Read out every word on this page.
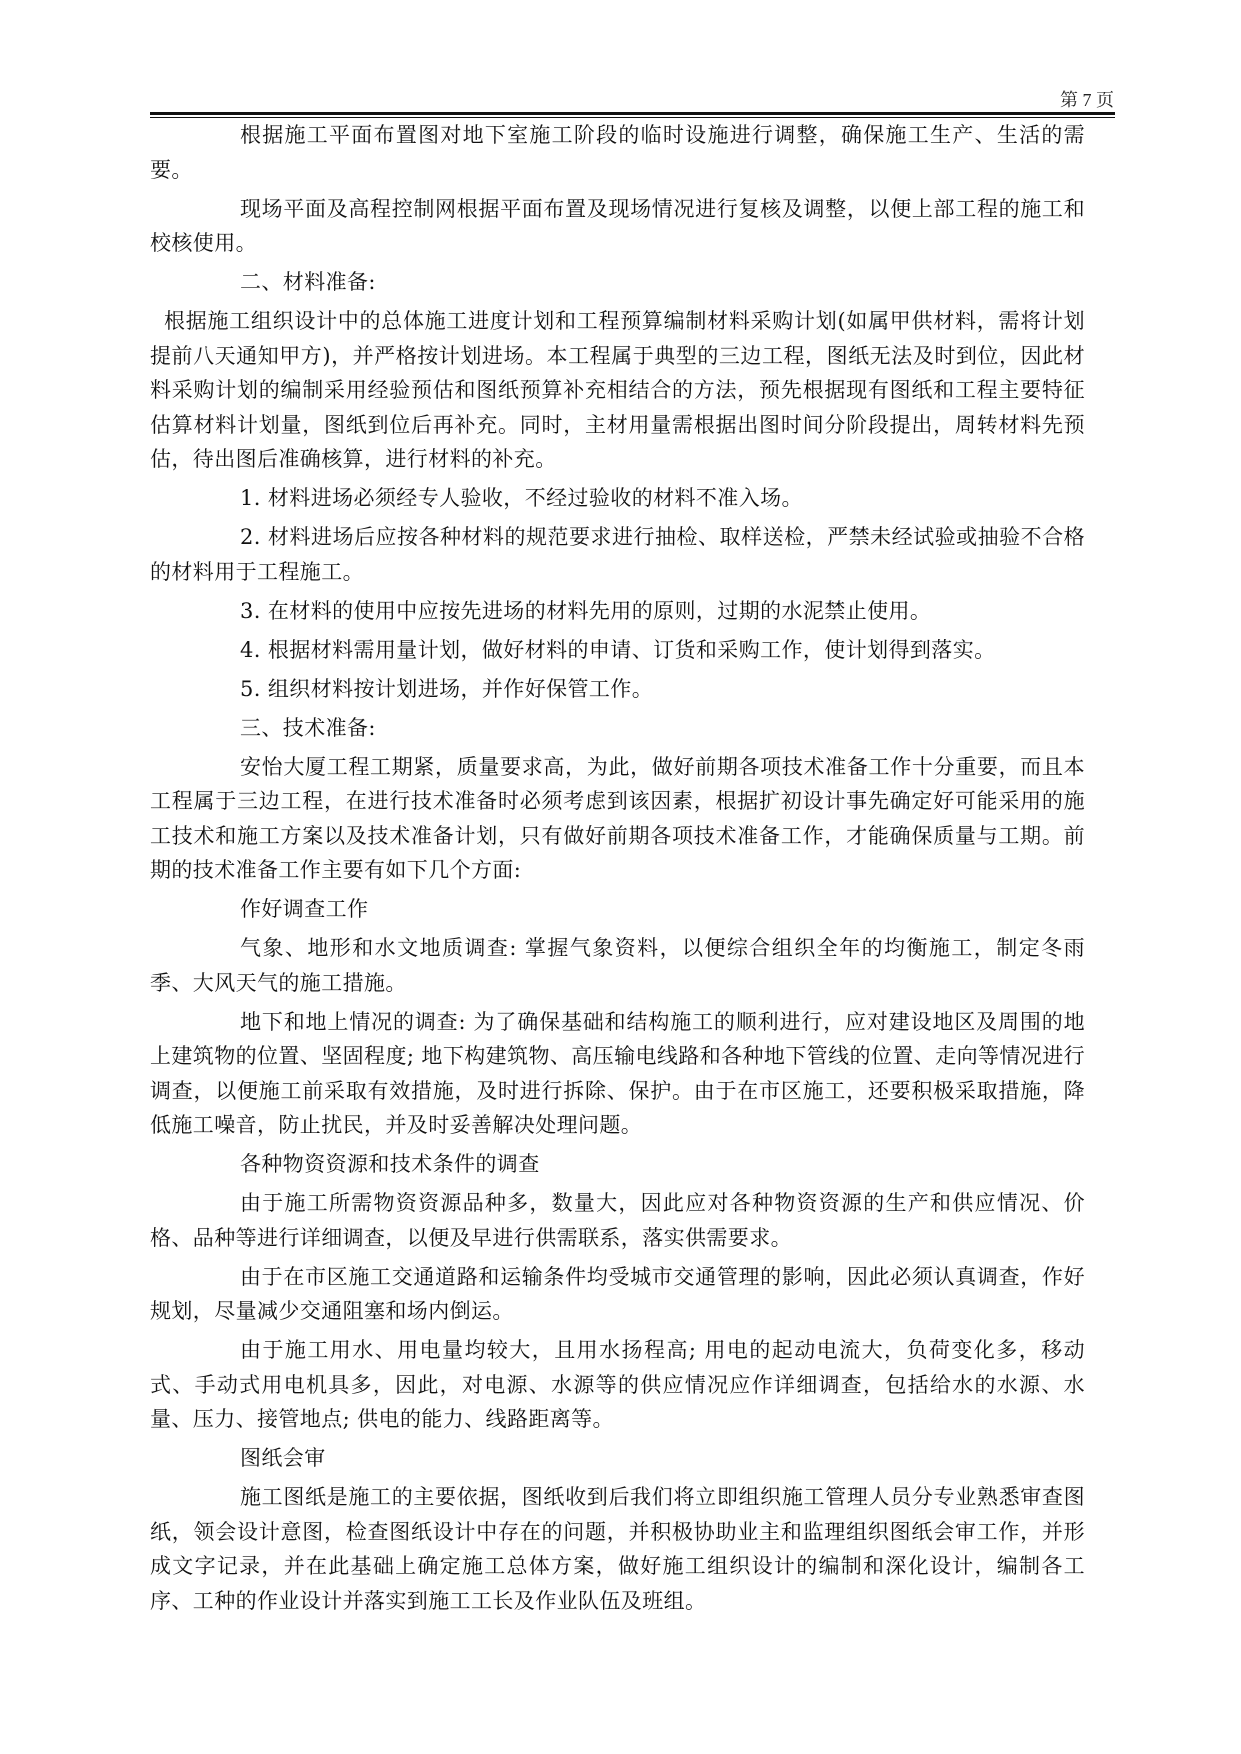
第 7 页

根据施工平面布置图对地下室施工阶段的临时设施进行调整，确保施工生产、生活的需要。

现场平面及高程控制网根据平面布置及现场情况进行复核及调整，以便上部工程的施工和校核使用。

二、材料准备:

根据施工组织设计中的总体施工进度计划和工程预算编制材料采购计划(如属甲供材料，需将计划提前八天通知甲方)，并严格按计划进场。本工程属于典型的三边工程，图纸无法及时到位，因此材料采购计划的编制采用经验预估和图纸预算补充相结合的方法，预先根据现有图纸和工程主要特征估算材料计划量，图纸到位后再补充。同时，主材用量需根据出图时间分阶段提出，周转材料先预估，待出图后准确核算，进行材料的补充。

1. 材料进场必须经专人验收，不经过验收的材料不准入场。

2. 材料进场后应按各种材料的规范要求进行抽检、取样送检，严禁未经试验或抽验不合格的材料用于工程施工。

3. 在材料的使用中应按先进场的材料先用的原则，过期的水泥禁止使用。

4. 根据材料需用量计划，做好材料的申请、订货和采购工作，使计划得到落实。

5. 组织材料按计划进场，并作好保管工作。

三、技术准备:

安怡大厦工程工期紧，质量要求高，为此，做好前期各项技术准备工作十分重要，而且本工程属于三边工程，在进行技术准备时必须考虑到该因素，根据扩初设计事先确定好可能采用的施工技术和施工方案以及技术准备计划，只有做好前期各项技术准备工作，才能确保质量与工期。前期的技术准备工作主要有如下几个方面:

作好调查工作

气象、地形和水文地质调查: 掌握气象资料，以便综合组织全年的均衡施工，制定冬雨季、大风天气的施工措施。

地下和地上情况的调查: 为了确保基础和结构施工的顺利进行，应对建设地区及周围的地上建筑物的位置、坚固程度; 地下构建筑物、高压输电线路和各种地下管线的位置、走向等情况进行调查，以便施工前采取有效措施，及时进行拆除、保护。由于在市区施工，还要积极采取措施，降低施工噪音，防止扰民，并及时妥善解决处理问题。

各种物资资源和技术条件的调查

由于施工所需物资资源品种多，数量大，因此应对各种物资资源的生产和供应情况、价格、品种等进行详细调查，以便及早进行供需联系，落实供需要求。

由于在市区施工交通道路和运输条件均受城市交通管理的影响，因此必须认真调查，作好规划，尽量减少交通阻塞和场内倒运。

由于施工用水、用电量均较大，且用水扬程高; 用电的起动电流大，负荷变化多，移动式、手动式用电机具多，因此，对电源、水源等的供应情况应作详细调查，包括给水的水源、水量、压力、接管地点; 供电的能力、线路距离等。

图纸会审

施工图纸是施工的主要依据，图纸收到后我们将立即组织施工管理人员分专业熟悉审查图纸，领会设计意图，检查图纸设计中存在的问题，并积极协助业主和监理组织图纸会审工作，并形成文字记录，并在此基础上确定施工总体方案，做好施工组织设计的编制和深化设计，编制各工序、工种的作业设计并落实到施工工长及作业队伍及班组。
